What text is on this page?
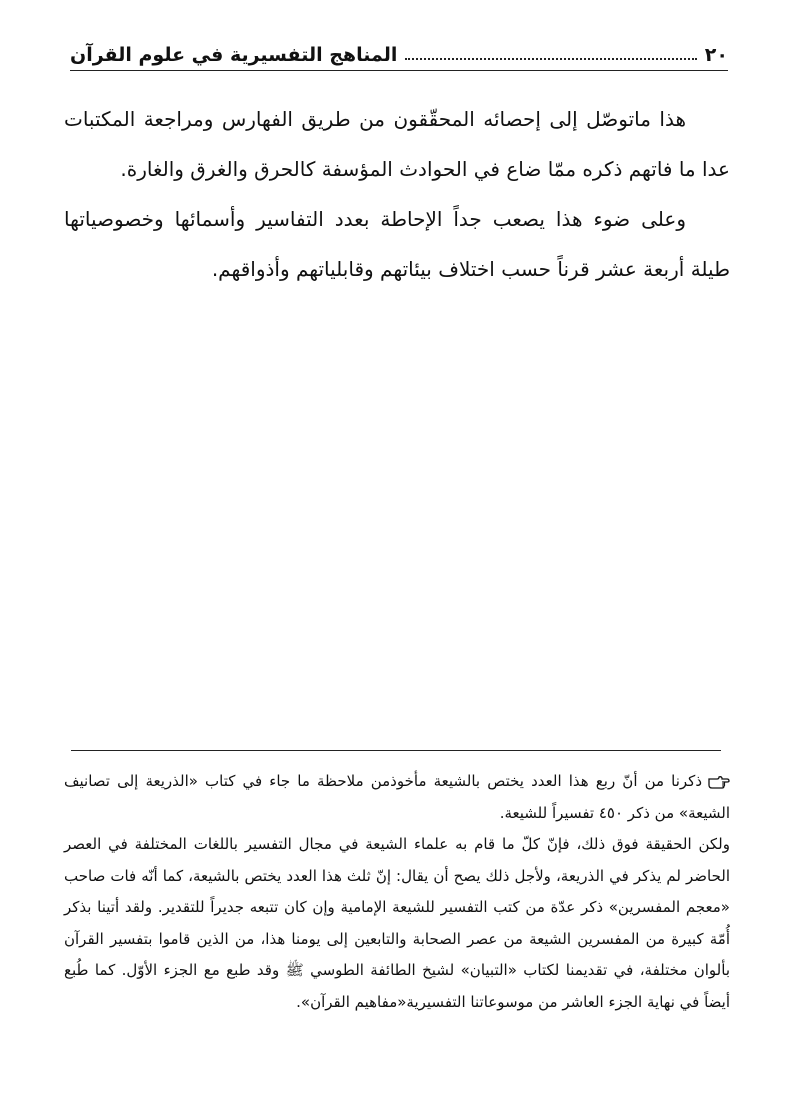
٢٠
المناهج التفسيرية في علوم القرآن

هذا ماتوصّل إلى إحصائه المحقّقون من طريق الفهارس ومراجعة المكتبات عدا ما فاتهم ذكره ممّا ضاع في الحوادث المؤسفة كالحرق والغرق والغارة.

وعلى ضوء هذا يصعب جداً الإحاطة بعدد التفاسير وأسمائها وخصوصياتها طيلة أربعة عشر قرناً حسب اختلاف بيئاتهم وقابلياتهم وأذواقهم.

ذكرنا من أنّ ربع هذا العدد يختص بالشيعة مأخوذمن ملاحظة ما جاء في كتاب «الذريعة إلى تصانيف الشيعة» من ذكر ٤٥٠ تفسيراً للشيعة.

ولكن الحقيقة فوق ذلك، فإنّ كلّ ما قام به علماء الشيعة في مجال التفسير باللغات المختلفة في العصر الحاضر لم يذكر في الذريعة، ولأجل ذلك يصح أن يقال: إنّ ثلث هذا العدد يختص بالشيعة، كما أنّه فات صاحب «معجم المفسرين» ذكر عدّة من كتب التفسير للشيعة الإمامية وإن كان تتبعه جديراً للتقدير. ولقد أتينا بذكر أُمّة كبيرة من المفسرين الشيعة من عصر الصحابة والتابعين إلى يومنا هذا، من الذين قاموا بتفسير القرآن بألوان مختلفة، في تقديمنا لكتاب «التبيان» لشيخ الطائفة الطوسي ﷺ وقد طبع مع الجزء الأوّل. كما طُبع أيضاً في نهاية الجزء العاشر من موسوعاتنا التفسيرية«مفاهيم القرآن».
